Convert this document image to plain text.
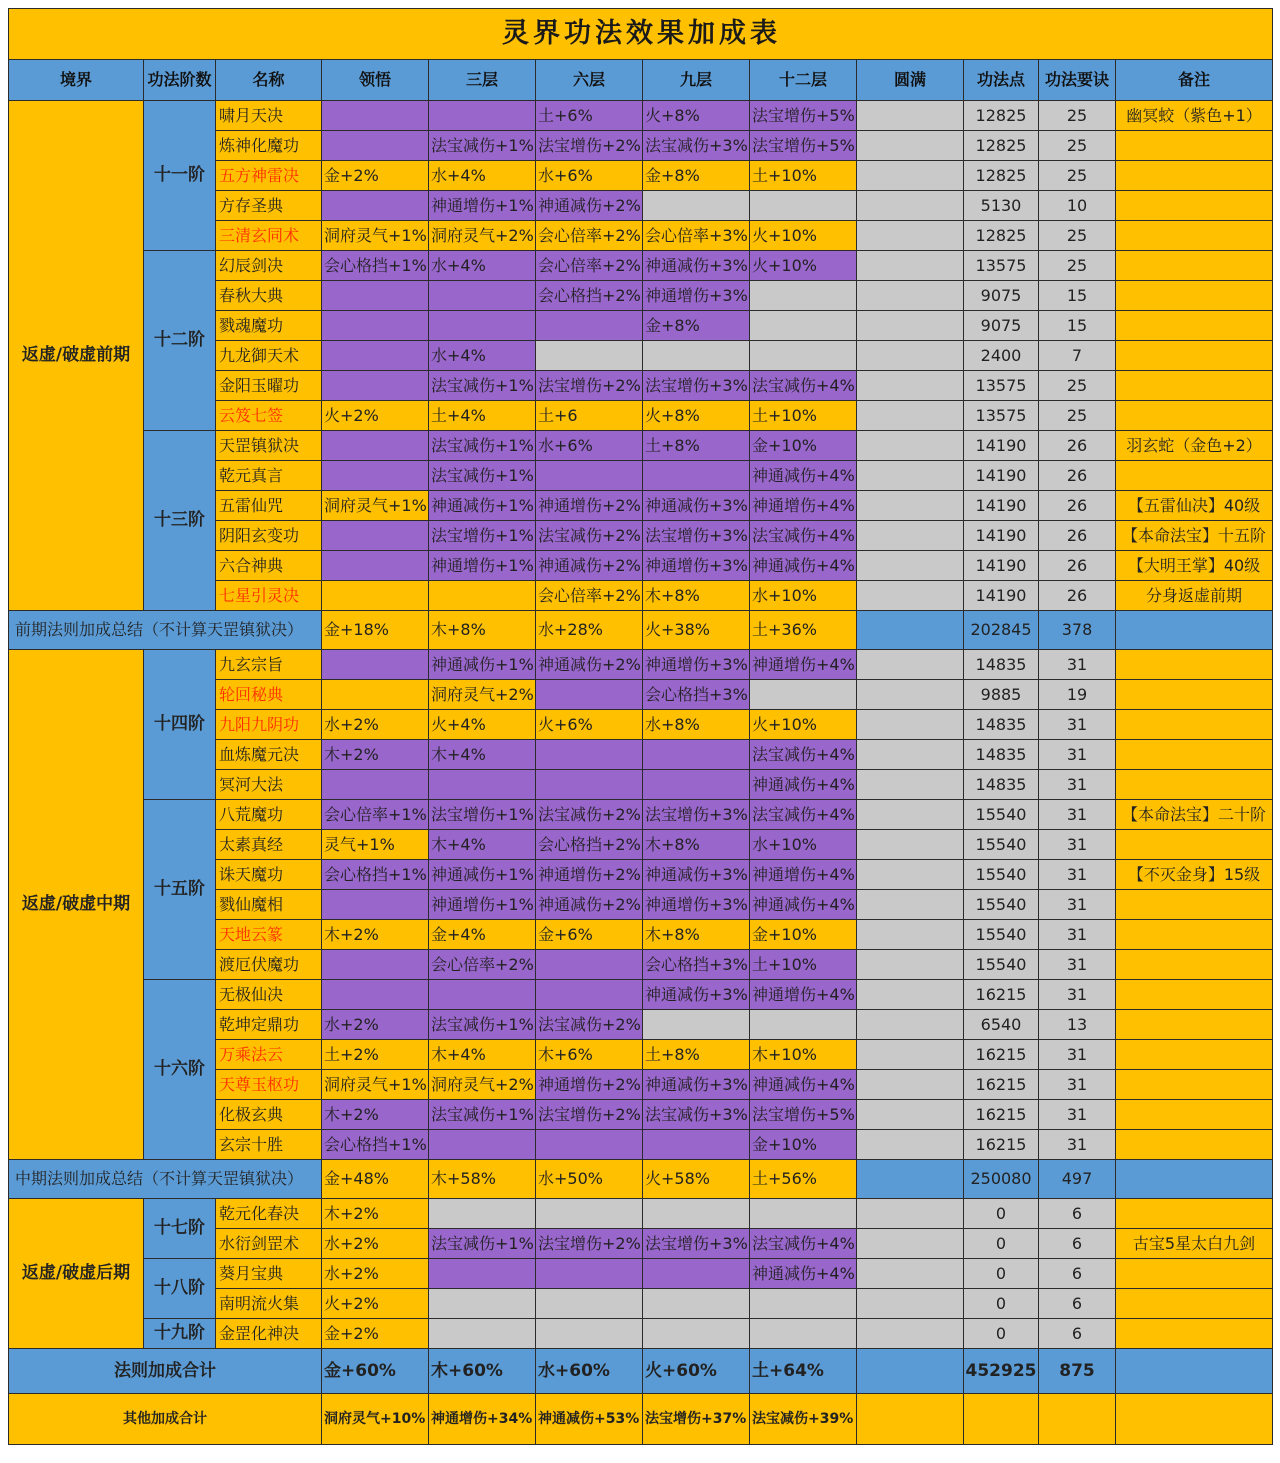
灵界功法效果加成表											
境界	功法阶数	名称	领悟	三层	六层	九层	十二层	圆满	功法点	功法要诀	备注
返虚/破虚前期	十一阶	啸月天决			土+6%	火+8%	法宝增伤+5%		12825	25	幽冥蛟（紫色+1）
		炼神化魔功		法宝减伤+1%	法宝增伤+2%	法宝减伤+3%	法宝增伤+5%		12825	25	
		五方神雷决	金+2%	水+4%	水+6%	金+8%	土+10%		12825	25	
		方存圣典		神通增伤+1%	神通减伤+2%				5130	10	
		三清玄同术	洞府灵气+1%	洞府灵气+2%	会心倍率+2%	会心倍率+3%	火+10%		12825	25	
	十二阶	幻辰剑决	会心格挡+1%	水+4%	会心倍率+2%	神通减伤+3%	火+10%		13575	25	
		春秋大典			会心格挡+2%	神通增伤+3%			9075	15	
		戮魂魔功				金+8%			9075	15	
		九龙御天术		水+4%					2400	7	
		金阳玉曜功		法宝减伤+1%	法宝增伤+2%	法宝增伤+3%	法宝减伤+4%		13575	25	
		云笈七签	火+2%	土+4%	土+6	火+8%	土+10%		13575	25	
	十三阶	天罡镇狱决		法宝减伤+1%	水+6%	土+8%	金+10%		14190	26	羽玄蛇（金色+2）
		乾元真言		法宝减伤+1%			神通减伤+4%		14190	26	
		五雷仙咒	洞府灵气+1%	神通减伤+1%	神通增伤+2%	神通减伤+3%	神通增伤+4%		14190	26	【五雷仙决】40级
		阴阳玄变功		法宝增伤+1%	法宝减伤+2%	法宝增伤+3%	法宝减伤+4%		14190	26	【本命法宝】十五阶
		六合神典		神通增伤+1%	神通减伤+2%	神通增伤+3%	神通减伤+4%		14190	26	【大明王掌】40级
		七星引灵决			会心倍率+2%	木+8%	水+10%		14190	26	分身返虚前期
前期法则加成总结（不计算天罡镇狱决）			金+18%	木+8%	水+28%	火+38%	土+36%		202845	378	
返虚/破虚中期	十四阶	九玄宗旨		神通减伤+1%	神通减伤+2%	神通增伤+3%	神通增伤+4%		14835	31	
		轮回秘典		洞府灵气+2%		会心格挡+3%			9885	19	
		九阳九阴功	水+2%	火+4%	火+6%	水+8%	火+10%		14835	31	
		血炼魔元决	木+2%	木+4%			法宝减伤+4%		14835	31	
		冥河大法					神通减伤+4%		14835	31	
	十五阶	八荒魔功	会心倍率+1%	法宝增伤+1%	法宝减伤+2%	法宝增伤+3%	法宝减伤+4%		15540	31	【本命法宝】二十阶
		太素真经	灵气+1%	木+4%	会心格挡+2%	木+8%	水+10%		15540	31	
		诛天魔功	会心格挡+1%	神通减伤+1%	神通增伤+2%	神通减伤+3%	神通增伤+4%		15540	31	【不灭金身】15级
		戮仙魔相		神通增伤+1%	神通减伤+2%	神通增伤+3%	神通减伤+4%		15540	31	
		天地云篆	木+2%	金+4%	金+6%	木+8%	金+10%		15540	31	
		渡厄伏魔功		会心倍率+2%		会心格挡+3%	土+10%		15540	31	
	十六阶	无极仙决				神通减伤+3%	神通增伤+4%		16215	31	
		乾坤定鼎功	水+2%	法宝减伤+1%	法宝减伤+2%				6540	13	
		万乘法云	土+2%	木+4%	木+6%	土+8%	木+10%		16215	31	
		天尊玉枢功	洞府灵气+1%	洞府灵气+2%	神通增伤+2%	神通减伤+3%	神通减伤+4%		16215	31	
		化极玄典	木+2%	法宝减伤+1%	法宝增伤+2%	法宝减伤+3%	法宝增伤+5%		16215	31	
		玄宗十胜	会心格挡+1%				金+10%		16215	31	
中期法则加成总结（不计算天罡镇狱决）			金+48%	木+58%	水+50%	火+58%	土+56%		250080	497	
返虚/破虚后期	十七阶	乾元化春决	木+2%						0	6	
		水衍剑罡术	水+2%	法宝减伤+1%	法宝增伤+2%	法宝增伤+3%	法宝减伤+4%		0	6	古宝5星太白九剑
	十八阶	葵月宝典	水+2%				神通减伤+4%		0	6	
		南明流火集	火+2%						0	6	
	十九阶	金罡化神决	金+2%						0	6	
法则加成合计			金+60%	木+60%	水+60%	火+60%	土+64%		452925	875	
其他加成合计			洞府灵气+10%	神通增伤+34%	神通减伤+53%	法宝增伤+37%	法宝减伤+39%				
